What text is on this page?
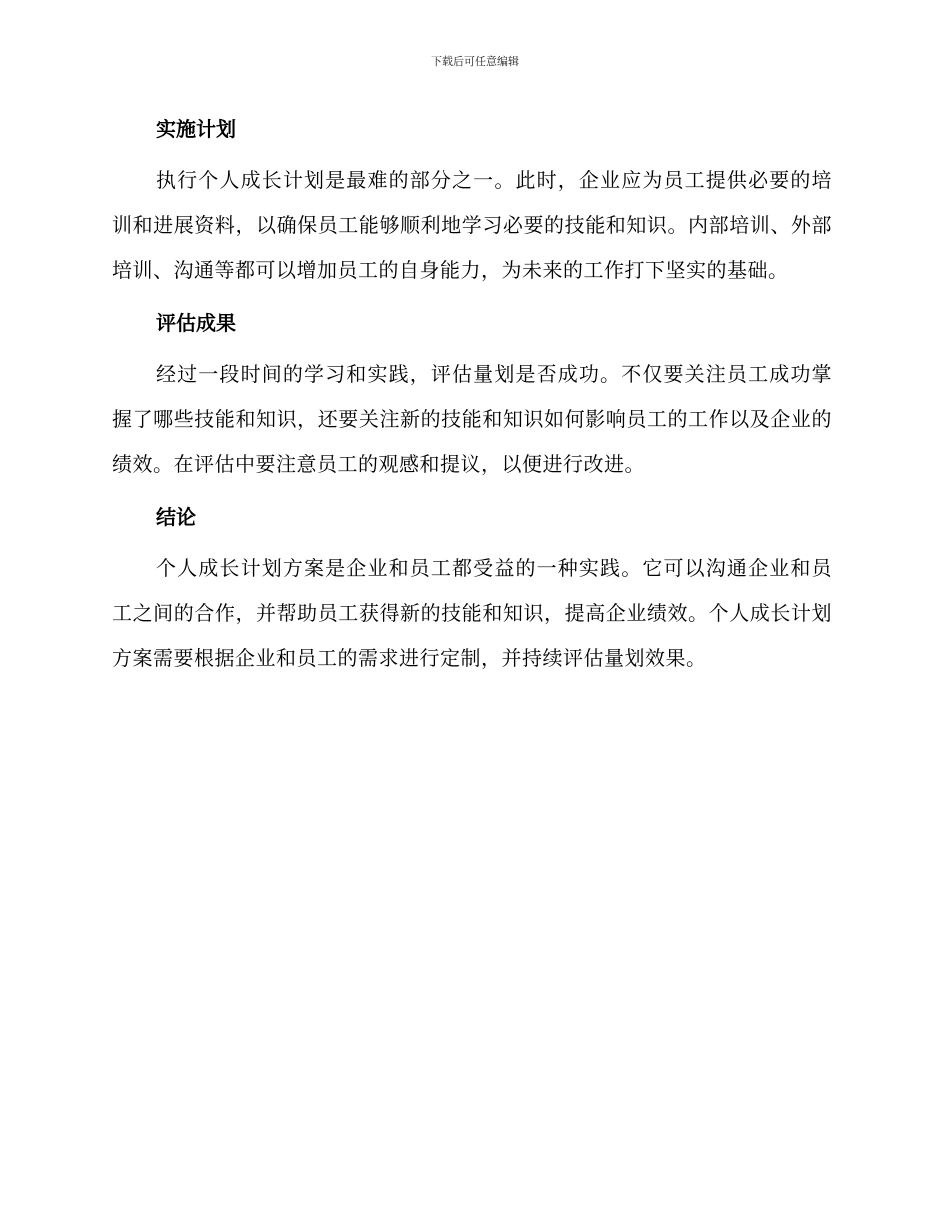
下载后可任意编辑
实施计划

执行个人成长计划是最难的部分之一。此时，企业应为员工提供必要的培训和进展资料，以确保员工能够顺利地学习必要的技能和知识。内部培训、外部培训、沟通等都可以增加员工的自身能力，为未来的工作打下坚实的基础。

评估成果

经过一段时间的学习和实践，评估量划是否成功。不仅要关注员工成功掌握了哪些技能和知识，还要关注新的技能和知识如何影响员工的工作以及企业的绩效。在评估中要注意员工的观感和提议，以便进行改进。

结论

个人成长计划方案是企业和员工都受益的一种实践。它可以沟通企业和员工之间的合作，并帮助员工获得新的技能和知识，提高企业绩效。个人成长计划方案需要根据企业和员工的需求进行定制，并持续评估量划效果。
